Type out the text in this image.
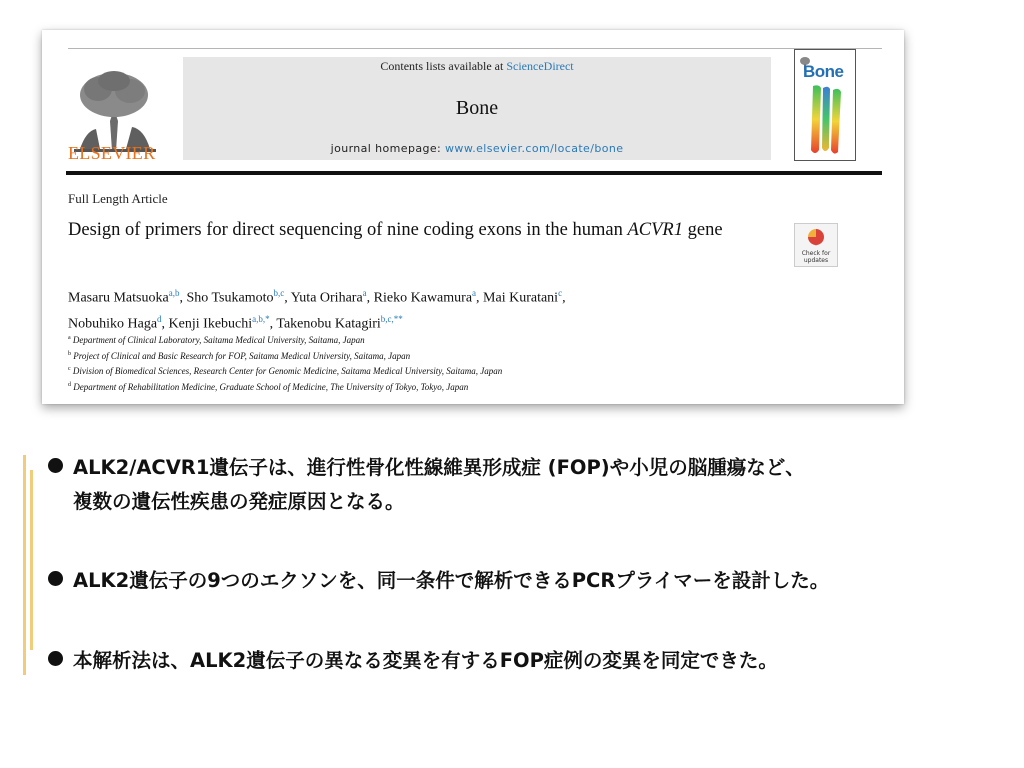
ELSEVIER
Contents lists available at ScienceDirect
Bone
journal homepage: www.elsevier.com/locate/bone
Bone
Full Length Article
Design of primers for direct sequencing of nine coding exons in the human ACVR1 gene
Check for updates
Masaru Matsuoka$^{a,b}$, Sho Tsukamoto$^{b,c}$, Yuta Orihara$^a$, Rieko Kawamura$^a$, Mai Kuratani$^c$,
Nobuhiko Haga$^d$, Kenji Ikebuchi$^{a,b,*}$, Takenobu Katagiri$^{b,c,**}$
$^a$ Department of Clinical Laboratory, Saitama Medical University, Saitama, Japan
$^b$ Project of Clinical and Basic Research for FOP, Saitama Medical University, Saitama, Japan
$^c$ Division of Biomedical Sciences, Research Center for Genomic Medicine, Saitama Medical University, Saitama, Japan
$^d$ Department of Rehabilitation Medicine, Graduate School of Medicine, The University of Tokyo, Tokyo, Japan
ALK2/ACVR1遺伝子は、進行性骨化性線維異形成症 (FOP)や小児の脳腫瘍など、
複数の遺伝性疾患の発症原因となる。
ALK2遺伝子の9つのエクソンを、同一条件で解析できるPCRプライマーを設計した。
本解析法は、ALK2遺伝子の異なる変異を有するFOP症例の変異を同定できた。
